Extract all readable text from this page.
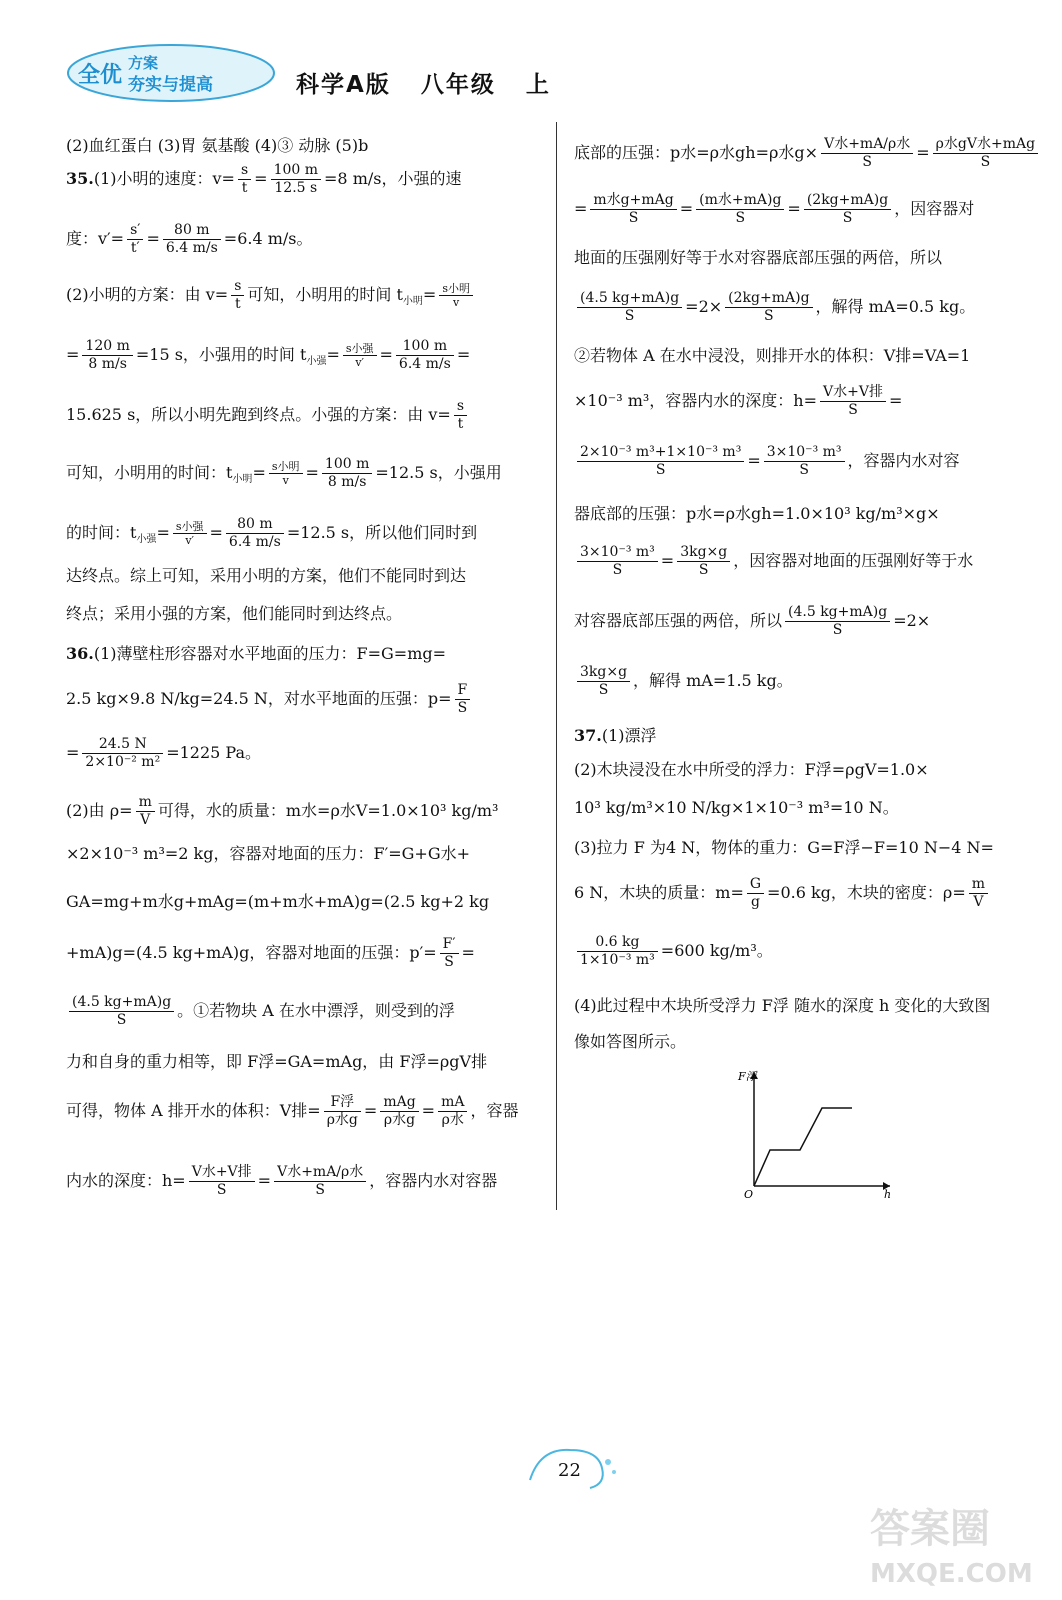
全优 方案
夯实与提高	科学A版   八年级   上
(2)血红蛋白 (3)胃 氨基酸 (4)③ 动脉 (5)b
35.(1)小明的速度：$v= \frac{s}{t} = \frac{100 m}{12.5 s} =8$ m/s，小强的速
度：$v'= \frac{s'}{t'} = \frac{80 m}{6.4 m/s} =6.4$ m/s。
(2)小明的方案：由 $v= \frac{s}{t}$ 可知，小明用的时间 $t_{小明}= s$小明
v
= $\frac{120 m}{8 m/s} =15$ s，小强用的时间 $t_{小强}= s$小强
$v' = \frac{100 m}{6.4 m/s}$ =
15.625 s，所以小明先跑到终点。小强的方案：由 $v= \frac{s}{t}$
可知，小明用的时间：$t_{小明}= s$小明
v	= $\frac{100 m}{8 m/s} =12.5$ s，小强用
的时间：$t_{小强}= s$小强
$v' = \frac{80 m}{6.4 m/s} =12.5$ s，所以他们同时到
达终点。综上可知，采用小明的方案，他们不能同时到达
终点；采用小强的方案，他们能同时到达终点。
36.(1)薄壁柱形容器对水平地面的压力：F=G=mg=
2.5 kg×9.8 N/kg=24.5 N，对水平地面的压强：$p= \frac{F}{S}$
= $\frac{24.5 N}{\text{2×10⁻² m²}} =1225$ Pa。
(2)由 $\rho= \frac{m}{V}$ 可得，水的质量：m水=ρ水V=1.0×10³ kg/m³
×2×10⁻³ m³=2 kg，容器对地面的压力：F′=G+G水+
GA=mg+m水g+mAg=(m+m水+mA)g=(2.5 kg+2 kg
+mA)g=(4.5 kg+mA)g，容器对地面的压强：$p'= \frac{F'}{S}$ =
$\frac{(4.5 kg+mA)g}{S}$ 。①若物块 A 在水中漂浮，则受到的浮
力和自身的重力相等，即 F浮=GA=mAg，由 F浮=ρgV排
可得，物体 A 排开水的体积：V排= F浮
ρ水g = mAg
ρ水g = mA
ρ水 ，容器
内水的深度：h= V水+V排
S	= V水+mA/ρ水
S	，容器内水对容器
底部的压强：p水=ρ水gh=ρ水g× V水+mA/ρ水
S	= ρ水gV水+mAg
S
= m水g+mAg
S	= (m水+mA)g
S	= $\frac{(2kg+mA)g}{S}$ ，因容器对
地面的压强刚好等于水对容器底部压强的两倍，所以
$\frac{(4.5 kg+mA)g}{S} =2\times \frac{(2kg+mA)g}{S}$ ，解得 mA=0.5 kg。
②若物体 A 在水中浸没，则排开水的体积：V排=VA=1
×10⁻³ m³，容器内水的深度：h= V水+V排
S	=
$\frac{\text{2×10⁻³ m³+1×10⁻³ m³}}{S} = \frac{\text{3×10⁻³ m³}}{S}$ ，容器内水对容
器底部的压强：p水=ρ水gh=1.0×10³ kg/m³×g×
$\frac{\text{3×10⁻³ m³}}{S} = \frac{3kg\times g}{S}$ ，因容器对地面的压强刚好等于水
对容器底部压强的两倍，所以 $\frac{(4.5 kg+mA)g}{S} =2\times$
$\frac{3kg\times g}{S}$ ，解得 mA=1.5 kg。
37.(1)漂浮
(2)木块浸没在水中所受的浮力：F浮=ρgV=1.0×
10³ kg/m³×10 N/kg×1×10⁻³ m³=10 N。
(3)拉力 F 为4 N，物体的重力：G=F浮−F=10 N−4 N=
6 N，木块的质量：$m= \frac{G}{g} =0.6$ kg，木块的密度：$\rho= \frac{m}{V}$
$\frac{0.6 kg}{\text{1×10⁻³ m³}} =600$ kg/m³。
(4)此过程中木块所受浮力 F浮 随水的深度 h 变化的大致图
像如答图所示。
F浮
h
O
22
答案圈
MXQE.COM
